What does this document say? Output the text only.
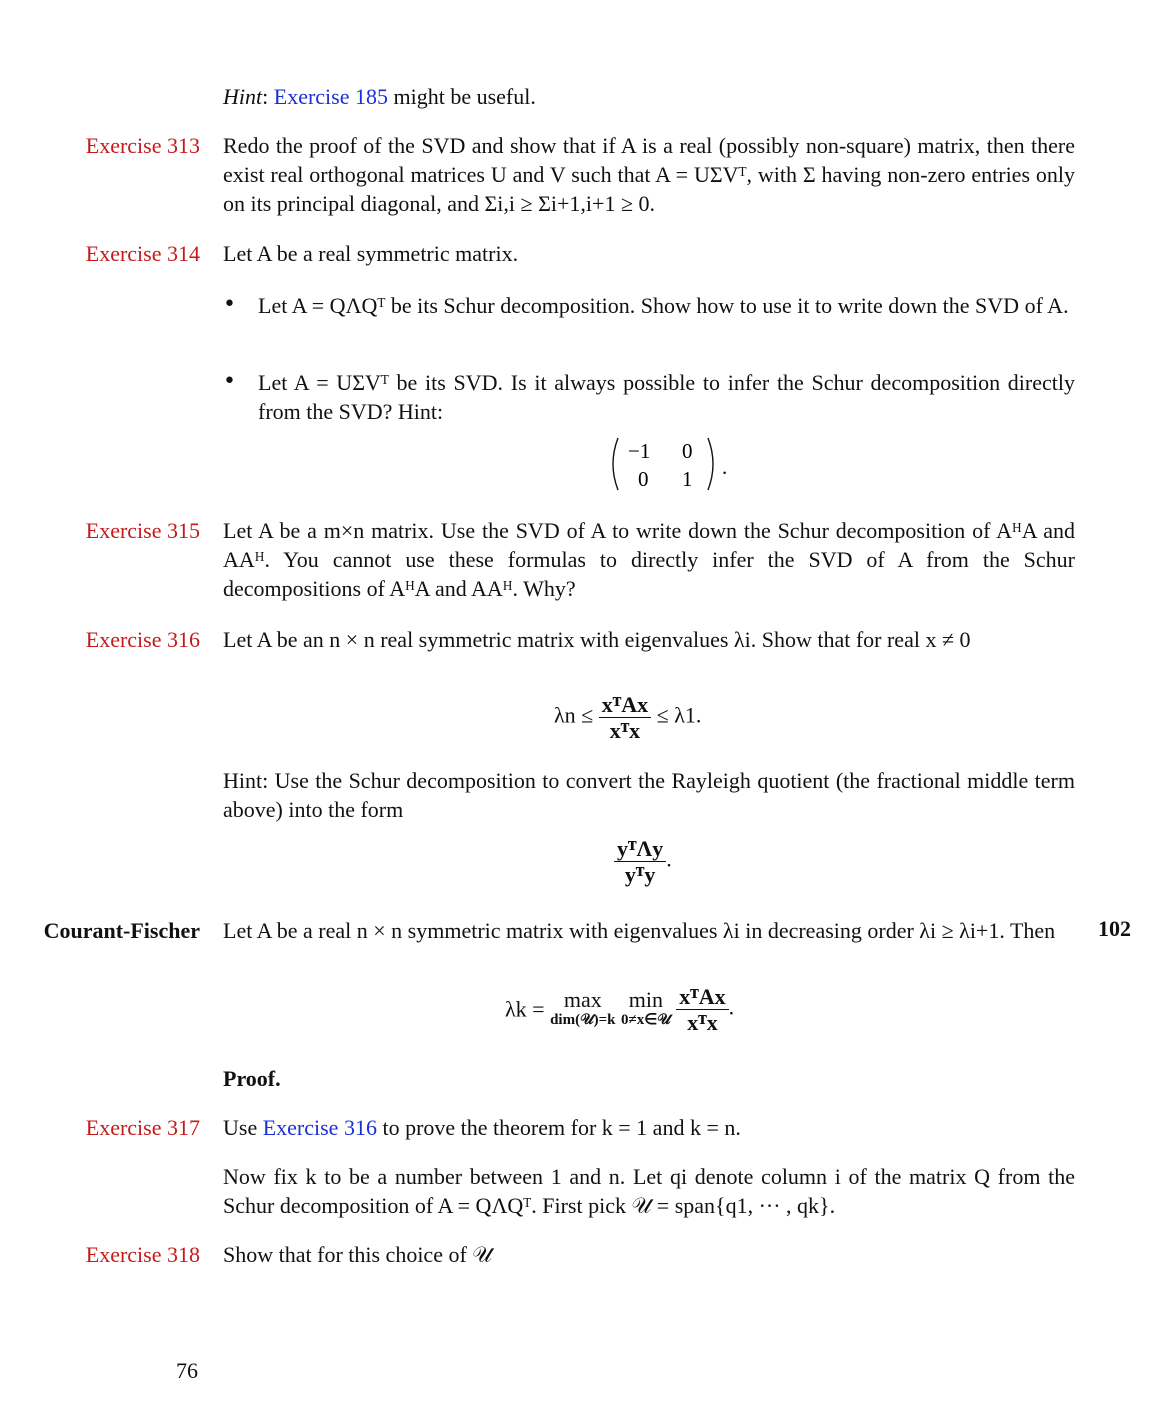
Hint: Exercise 185 might be useful.
Exercise 313 Redo the proof of the SVD and show that if A is a real (possibly non-square) matrix, then there exist real orthogonal matrices U and V such that A = UΣVᵀ, with Σ having non-zero entries only on its principal diagonal, and Σi,i ≥ Σi+1,i+1 ≥ 0.
Exercise 314 Let A be a real symmetric matrix.
• Let A = QΛQᵀ be its Schur decomposition. Show how to use it to write down the SVD of A.
• Let A = UΣVᵀ be its SVD. Is it always possible to infer the Schur decomposition directly from the SVD? Hint:
−1 0
0 1 .
Exercise 315 Let A be a m×n matrix. Use the SVD of A to write down the Schur decomposition of AᴴA and AAᴴ. You cannot use these formulas to directly infer the SVD of A from the Schur decompositions of AᴴA and AAᴴ. Why?
Exercise 316 Let A be an n × n real symmetric matrix with eigenvalues λi. Show that for real x ≠ 0
$\lambda n \le \frac{\text{xᵀAx}}{\text{xᵀx}} \le \lambda 1$.
Hint: Use the Schur decomposition to convert the Rayleigh quotient (the fractional middle term above) into the form
$\frac{\text{yᵀΛy}}{\text{yᵀy}}$ .
Courant-Fischer Let A be a real n × n symmetric matrix with eigenvalues λi in decreasing order λi ≥ λi+1. Then	102
λk = max
dim(𝒰)=k

min
0≠x∈𝒰
$\frac{\text{xᵀAx}}{\text{xᵀx}}$ .
Proof.
Exercise 317 Use Exercise 316 to prove the theorem for k = 1 and k = n.
Now fix k to be a number between 1 and n. Let qi denote column i of the matrix Q from the Schur decomposition of A = QΛQᵀ. First pick 𝒰 = span{q1, ··· , qk}.
Exercise 318 Show that for this choice of 𝒰
76
